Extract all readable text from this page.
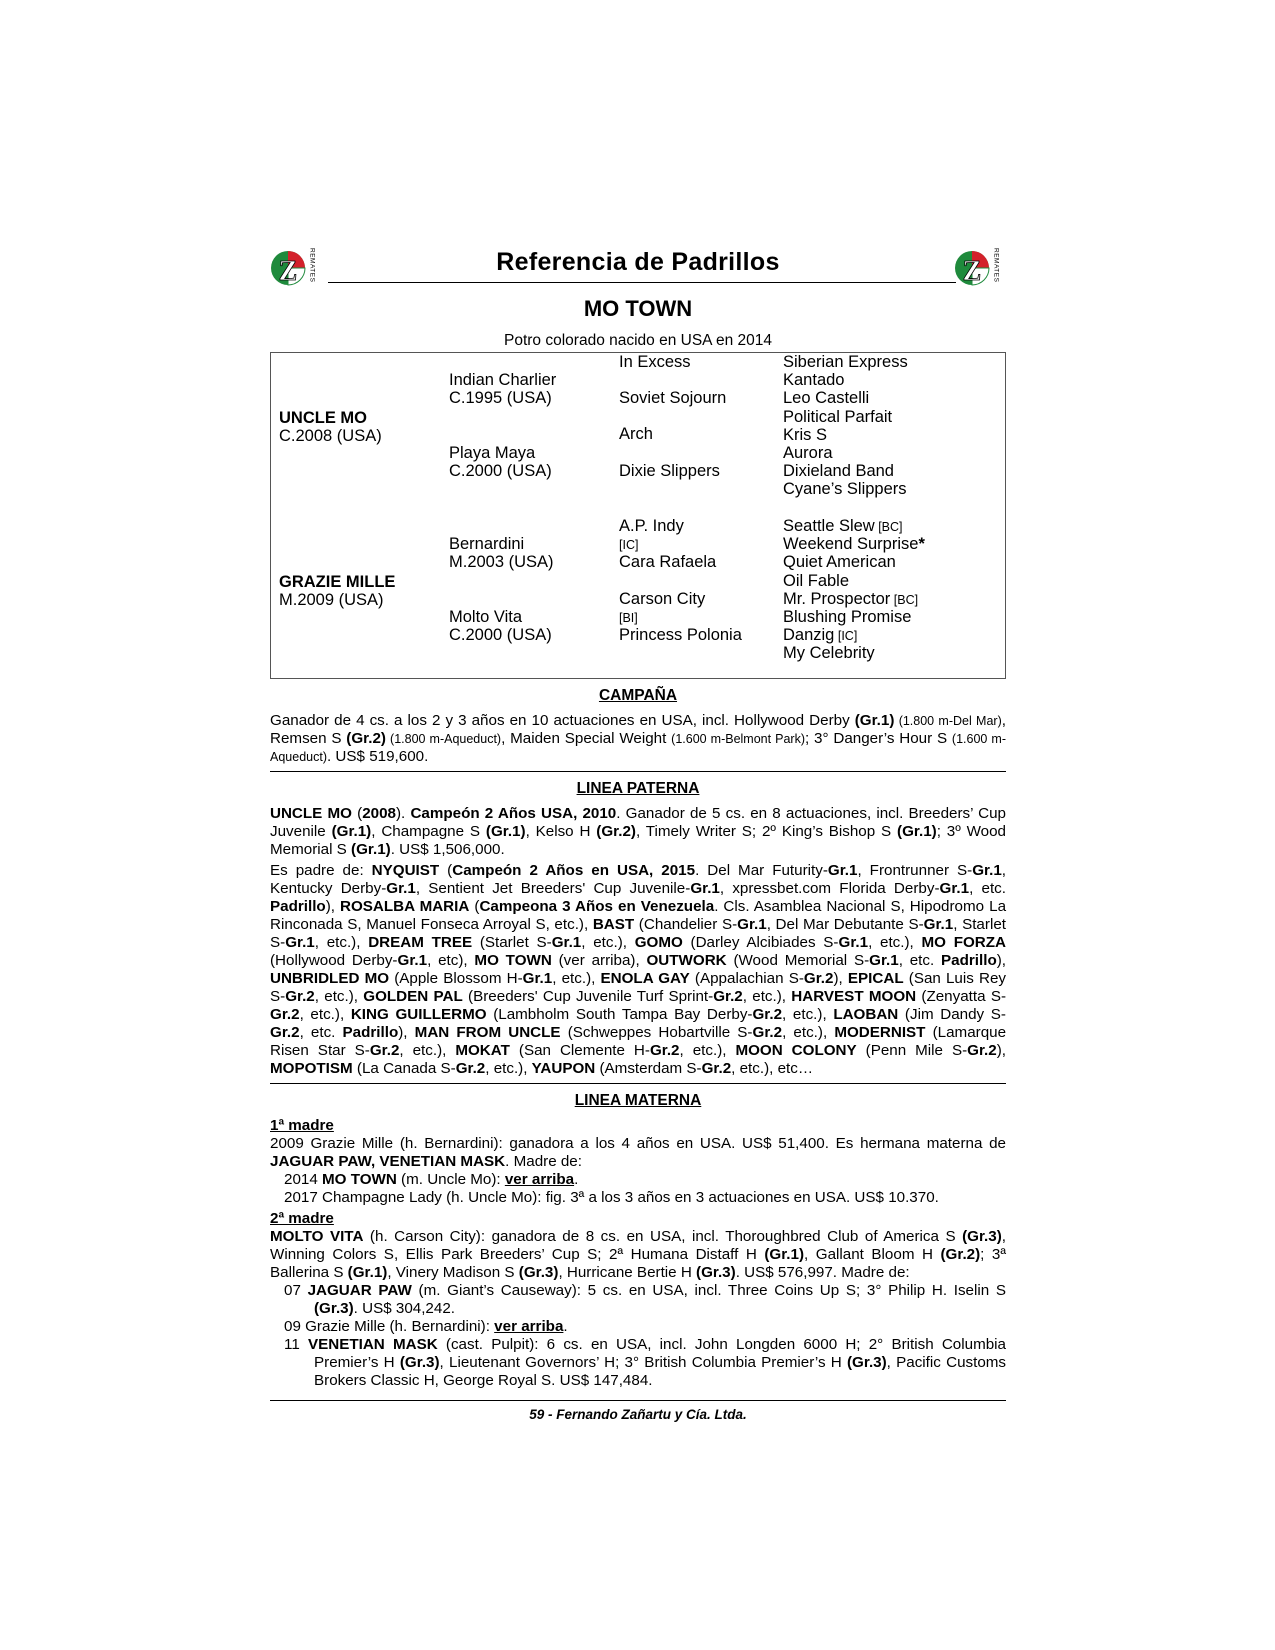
Z REMATES	Referencia de Padrillos	Z REMATES
MO TOWN
Potro colorado nacido en USA en 2014
UNCLE MO
C.2008 (USA)
GRAZIE MILLE
M.2009 (USA)
Indian Charlier
C.1995 (USA)
Playa Maya
C.2000 (USA)
Bernardini
M.2003 (USA)
Molto Vita
C.2000 (USA)
In Excess
Soviet Sojourn
Arch
Dixie Slippers
A.P. Indy
[IC]
Cara Rafaela
Carson City
[BI]
Princess Polonia
Siberian Express
Kantado
Leo Castelli
Political Parfait
Kris S
Aurora
Dixieland Band
Cyane’s Slippers
Seattle Slew [BC]
Weekend Surprise*
Quiet American
Oil Fable
Mr. Prospector [BC]
Blushing Promise
Danzig [IC]
My Celebrity
CAMPAÑA

Ganador de 4 cs. a los 2 y 3 años en 10 actuaciones en USA, incl. Hollywood Derby (Gr.1) (1.800 m-Del Mar), Remsen S (Gr.2) (1.800 m-Aqueduct), Maiden Special Weight (1.600 m-Belmont Park); 3° Danger’s Hour S (1.600 m-Aqueduct). US$ 519,600.

LINEA PATERNA

UNCLE MO (2008). Campeón 2 Años USA, 2010. Ganador de 5 cs. en 8 actuaciones, incl. Breeders’ Cup Juvenile (Gr.1), Champagne S (Gr.1), Kelso H (Gr.2), Timely Writer S; 2º King’s Bishop S (Gr.1); 3º Wood Memorial S (Gr.1). US$ 1,506,000.

Es padre de: NYQUIST (Campeón 2 Años en USA, 2015. Del Mar Futurity-Gr.1, Frontrunner S-Gr.1, Kentucky Derby-Gr.1, Sentient Jet Breeders' Cup Juvenile-Gr.1, xpressbet.com Florida Derby-Gr.1, etc. Padrillo), ROSALBA MARIA (Campeona 3 Años en Venezuela. Cls. Asamblea Nacional S, Hipodromo La Rinconada S, Manuel Fonseca Arroyal S, etc.), BAST (Chandelier S-Gr.1, Del Mar Debutante S-Gr.1, Starlet S-Gr.1, etc.), DREAM TREE (Starlet S-Gr.1, etc.), GOMO (Darley Alcibiades S-Gr.1, etc.), MO FORZA (Hollywood Derby-Gr.1, etc), MO TOWN (ver arriba), OUTWORK (Wood Memorial S-Gr.1, etc. Padrillo), UNBRIDLED MO (Apple Blossom H-Gr.1, etc.), ENOLA GAY (Appalachian S-Gr.2), EPICAL (San Luis Rey S-Gr.2, etc.), GOLDEN PAL (Breeders' Cup Juvenile Turf Sprint-Gr.2, etc.), HARVEST MOON (Zenyatta S-Gr.2, etc.), KING GUILLERMO (Lambholm South Tampa Bay Derby-Gr.2, etc.), LAOBAN (Jim Dandy S-Gr.2, etc. Padrillo), MAN FROM UNCLE (Schweppes Hobartville S-Gr.2, etc.), MODERNIST (Lamarque Risen Star S-Gr.2, etc.), MOKAT (San Clemente H-Gr.2, etc.), MOON COLONY (Penn Mile S-Gr.2), MOPOTISM (La Canada S-Gr.2, etc.), YAUPON (Amsterdam S-Gr.2, etc.), etc…

LINEA MATERNA
1ª madre
2009 Grazie Mille (h. Bernardini): ganadora a los 4 años en USA. US$ 51,400. Es hermana materna de JAGUAR PAW, VENETIAN MASK. Madre de:
2014 MO TOWN (m. Uncle Mo): ver arriba.
2017 Champagne Lady (h. Uncle Mo): fig. 3ª a los 3 años en 3 actuaciones en USA. US$ 10.370.
2ª madre
MOLTO VITA (h. Carson City): ganadora de 8 cs. en USA, incl. Thoroughbred Club of America S (Gr.3), Winning Colors S, Ellis Park Breeders’ Cup S; 2ª Humana Distaff H (Gr.1), Gallant Bloom H (Gr.2); 3ª Ballerina S (Gr.1), Vinery Madison S (Gr.3), Hurricane Bertie H (Gr.3). US$ 576,997. Madre de:
07 JAGUAR PAW (m. Giant’s Causeway): 5 cs. en USA, incl. Three Coins Up S; 3° Philip H. Iselin S (Gr.3). US$ 304,242.
09 Grazie Mille (h. Bernardini): ver arriba.
11 VENETIAN MASK (cast. Pulpit): 6 cs. en USA, incl. John Longden 6000 H; 2° British Columbia Premier’s H (Gr.3), Lieutenant Governors’ H; 3° British Columbia Premier’s H (Gr.3), Pacific Customs Brokers Classic H, George Royal S. US$ 147,484.
59 - Fernando Zañartu y Cía. Ltda.
